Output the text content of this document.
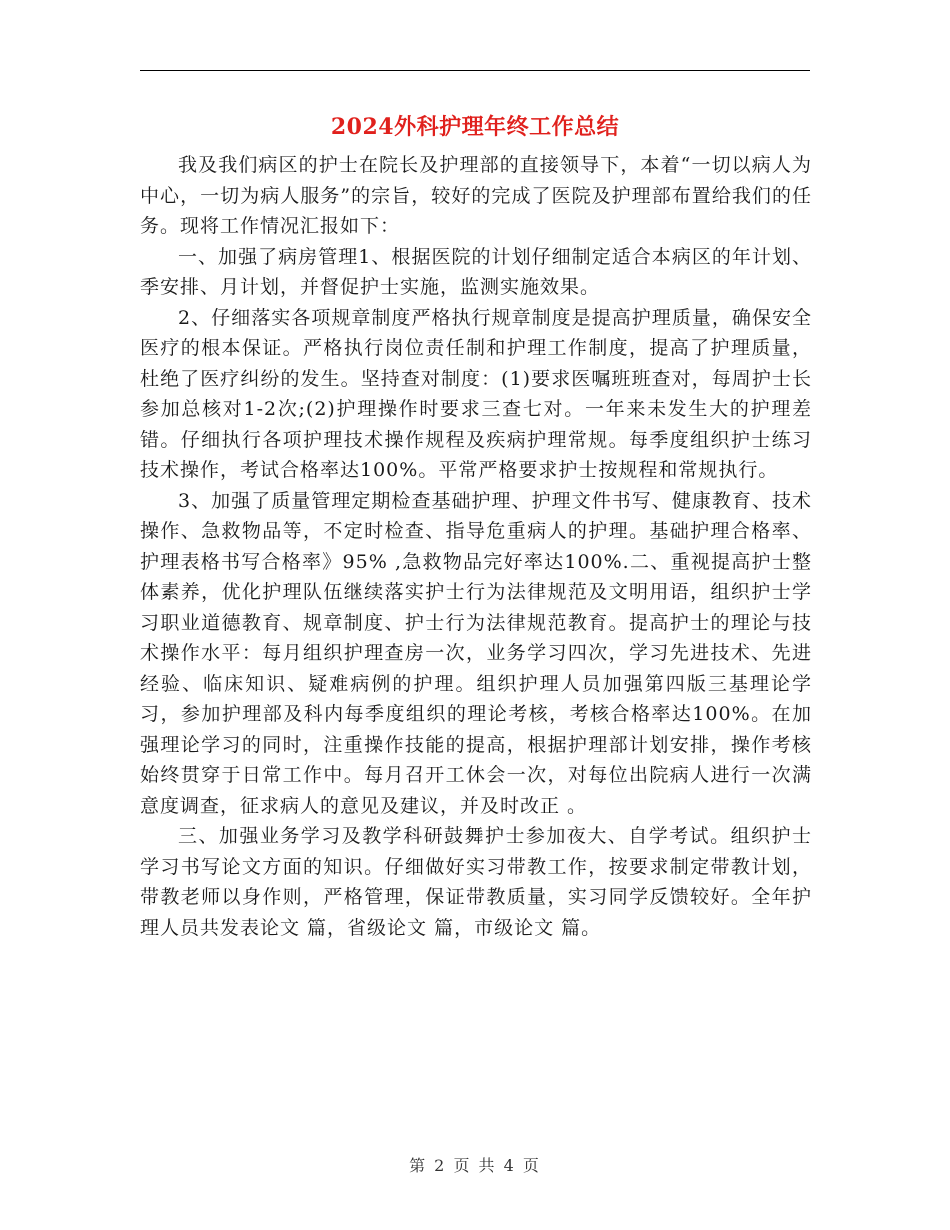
2024外科护理年终工作总结

我及我们病区的护士在院长及护理部的直接领导下，本着“一切以病人为中心，一切为病人服务”的宗旨，较好的完成了医院及护理部布置给我们的任务。现将工作情况汇报如下：

一、加强了病房管理1、根据医院的计划仔细制定适合本病区的年计划、季安排、月计划，并督促护士实施，监测实施效果。

2、仔细落实各项规章制度严格执行规章制度是提高护理质量，确保安全医疗的根本保证。严格执行岗位责任制和护理工作制度，提高了护理质量，杜绝了医疗纠纷的发生。坚持查对制度：(1)要求医嘱班班查对，每周护士长参加总核对1-2次;(2)护理操作时要求三查七对。一年来未发生大的护理差错。仔细执行各项护理技术操作规程及疾病护理常规。每季度组织护士练习技术操作，考试合格率达100%。平常严格要求护士按规程和常规执行。

3、加强了质量管理定期检查基础护理、护理文件书写、健康教育、技术操作、急救物品等，不定时检查、指导危重病人的护理。基础护理合格率、护理表格书写合格率》95% ,急救物品完好率达100%.二、重视提高护士整体素养，优化护理队伍继续落实护士行为法律规范及文明用语，组织护士学习职业道德教育、规章制度、护士行为法律规范教育。提高护士的理论与技术操作水平：每月组织护理查房一次，业务学习四次，学习先进技术、先进经验、临床知识、疑难病例的护理。组织护理人员加强第四版三基理论学习，参加护理部及科内每季度组织的理论考核，考核合格率达100%。在加强理论学习的同时，注重操作技能的提高，根据护理部计划安排，操作考核始终贯穿于日常工作中。每月召开工休会一次，对每位出院病人进行一次满意度调查，征求病人的意见及建议，并及时改正 。

三、加强业务学习及教学科研鼓舞护士参加夜大、自学考试。组织护士学习书写论文方面的知识。仔细做好实习带教工作，按要求制定带教计划，带教老师以身作则，严格管理，保证带教质量，实习同学反馈较好。全年护理人员共发表论文 篇，省级论文 篇，市级论文 篇。

第 2 页 共 4 页
